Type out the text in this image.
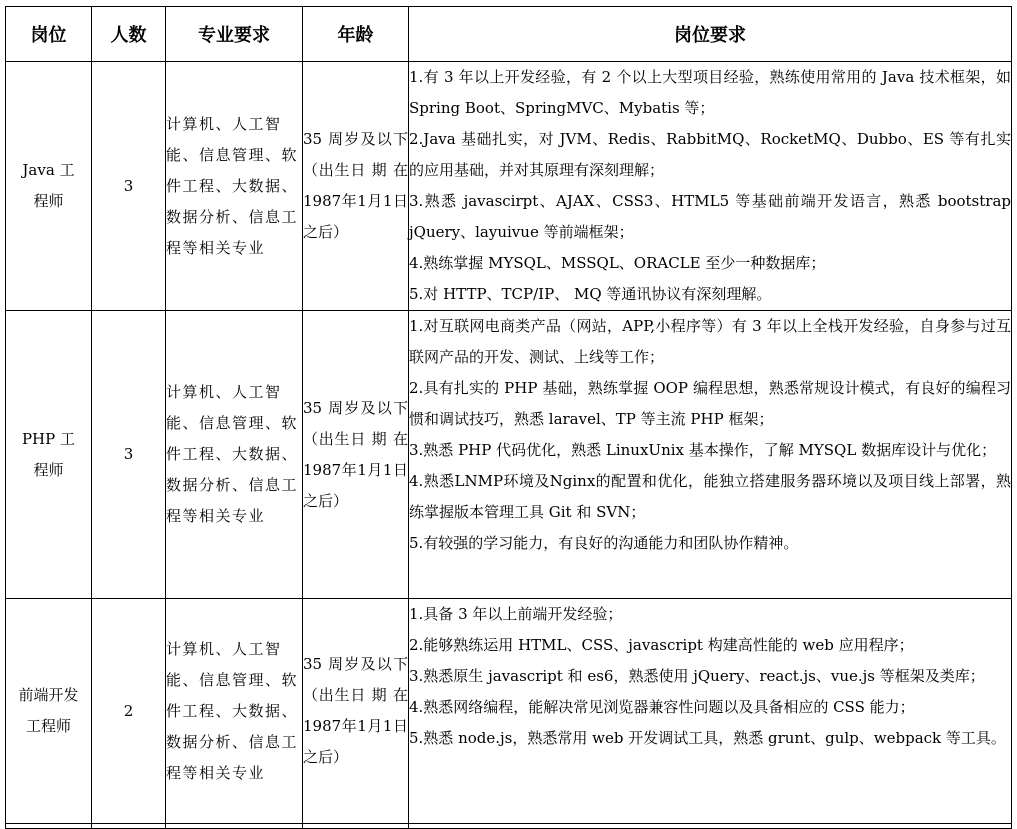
岗位	人数	专业要求	年龄	岗位要求
Java 工程师	3	计算机、人工智能、信息管理、软件工程、大数据、数据分析、信息工程等相关专业	35 周岁及以下（出生日 期 在1987年1月1日之后）	1.有 3 年以上开发经验，有 2 个以上大型项目经验，熟练使用常用的 Java 技术框架，如 Spring Boot、SpringMVC、Mybatis 等；
2.Java 基础扎实，对 JVM、Redis、RabbitMQ、RocketMQ、Dubbo、ES 等有扎实的应用基础，并对其原理有深刻理解；
3.熟悉 javascirpt、AJAX、CSS3、HTML5 等基础前端开发语言，熟悉 bootstrap jQuery、layuivue 等前端框架；
4.熟练掌握 MYSQL、MSSQL、ORACLE 至少一种数据库；
5.对 HTTP、TCP/IP、 MQ 等通讯协议有深刻理解。

PHP 工程师	3	计算机、人工智能、信息管理、软件工程、大数据、数据分析、信息工程等相关专业	35 周岁及以下（出生日 期 在1987年1月1日之后）	1.对互联网电商类产品（网站，APP,小程序等）有 3 年以上全栈开发经验，自身参与过互联网产品的开发、测试、上线等工作；
2.具有扎实的 PHP 基础，熟练掌握 OOP 编程思想，熟悉常规设计模式，有良好的编程习惯和调试技巧，熟悉 laravel、TP 等主流 PHP 框架；
3.熟悉 PHP 代码优化，熟悉 LinuxUnix 基本操作，了解 MYSQL 数据库设计与优化；
4.熟悉LNMP环境及Nginx的配置和优化，能独立搭建服务器环境以及项目线上部署，熟练掌握版本管理工具 Git 和 SVN；
5.有较强的学习能力，有良好的沟通能力和团队协作精神。

前端开发工程师	2	计算机、人工智能、信息管理、软件工程、大数据、数据分析、信息工程等相关专业	35 周岁及以下（出生日 期 在1987年1月1日之后）	1.具备 3 年以上前端开发经验；
2.能够熟练运用 HTML、CSS、javascript 构建高性能的 web 应用程序；
3.熟悉原生 javascript 和 es6，熟悉使用 jQuery、react.js、vue.js 等框架及类库；
4.熟悉网络编程，能解决常见浏览器兼容性问题以及具备相应的 CSS 能力；
5.熟悉 node.js，熟悉常用 web 开发调试工具，熟悉 grunt、gulp、webpack 等工具。
